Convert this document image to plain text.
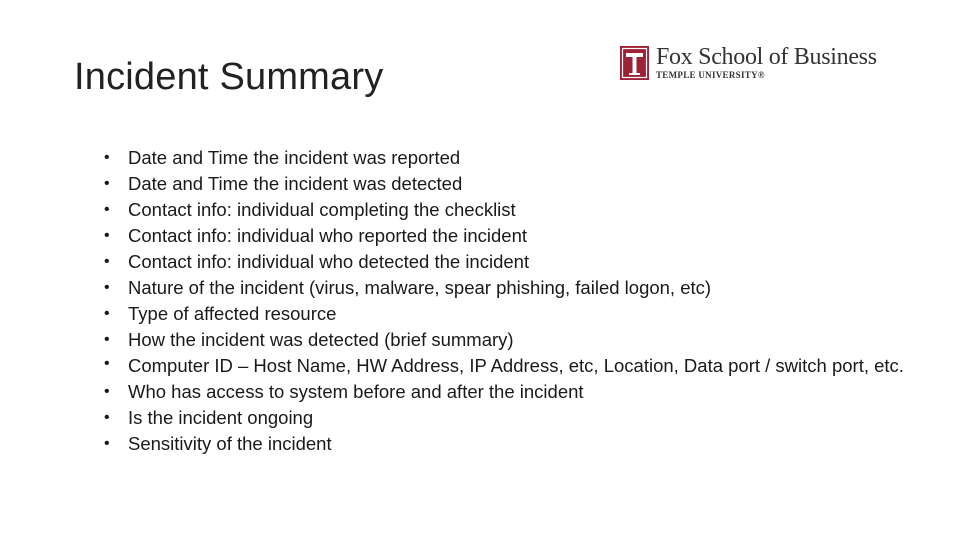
Incident Summary	Fox School of Business
TEMPLE UNIVERSITY®
• Date and Time the incident was reported
• Date and Time the incident was detected
• Contact info: individual completing the checklist
• Contact info: individual who reported the incident
• Contact info: individual who detected the incident
• Nature of the incident (virus, malware, spear phishing, failed logon, etc)
• Type of affected resource
• How the incident was detected (brief summary)
• Computer ID – Host Name, HW Address, IP Address, etc, Location, Data port / switch port, etc.
• Who has access to system before and after the incident
• Is the incident ongoing
• Sensitivity of the incident
